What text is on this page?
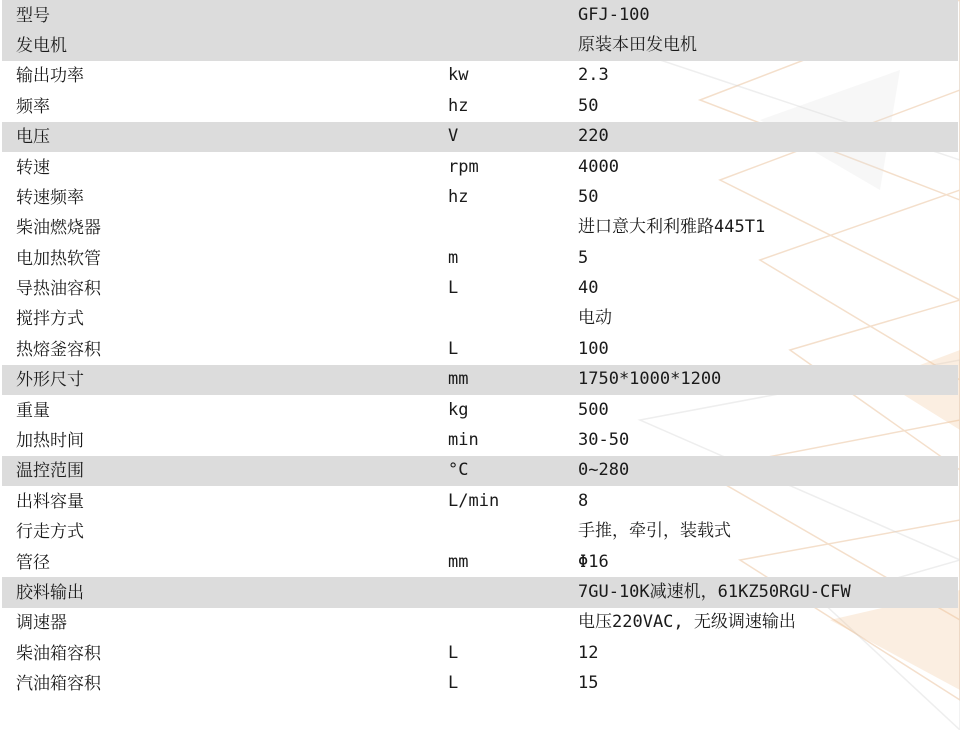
型号		GFJ-100
发电机		原装本田发电机
输出功率	kw	2.3
频率	hz	50
电压	V	220
转速	rpm	4000
转速频率	hz	50
柴油燃烧器		进口意大利利雅路445T1
电加热软管	m	5
导热油容积	L	40
搅拌方式		电动
热熔釜容积	L	100
外形尺寸	mm	1750*1000*1200
重量	kg	500
加热时间	min	30-50
温控范围	°C	0~280
出料容量	L/min	8
行走方式		手推，牵引，装载式
管径	mm	Φ16
胶料输出		7GU-10K减速机，61KZ50RGU-CFW
调速器		电压220VAC, 无级调速输出
柴油箱容积	L	12
汽油箱容积	L	15
